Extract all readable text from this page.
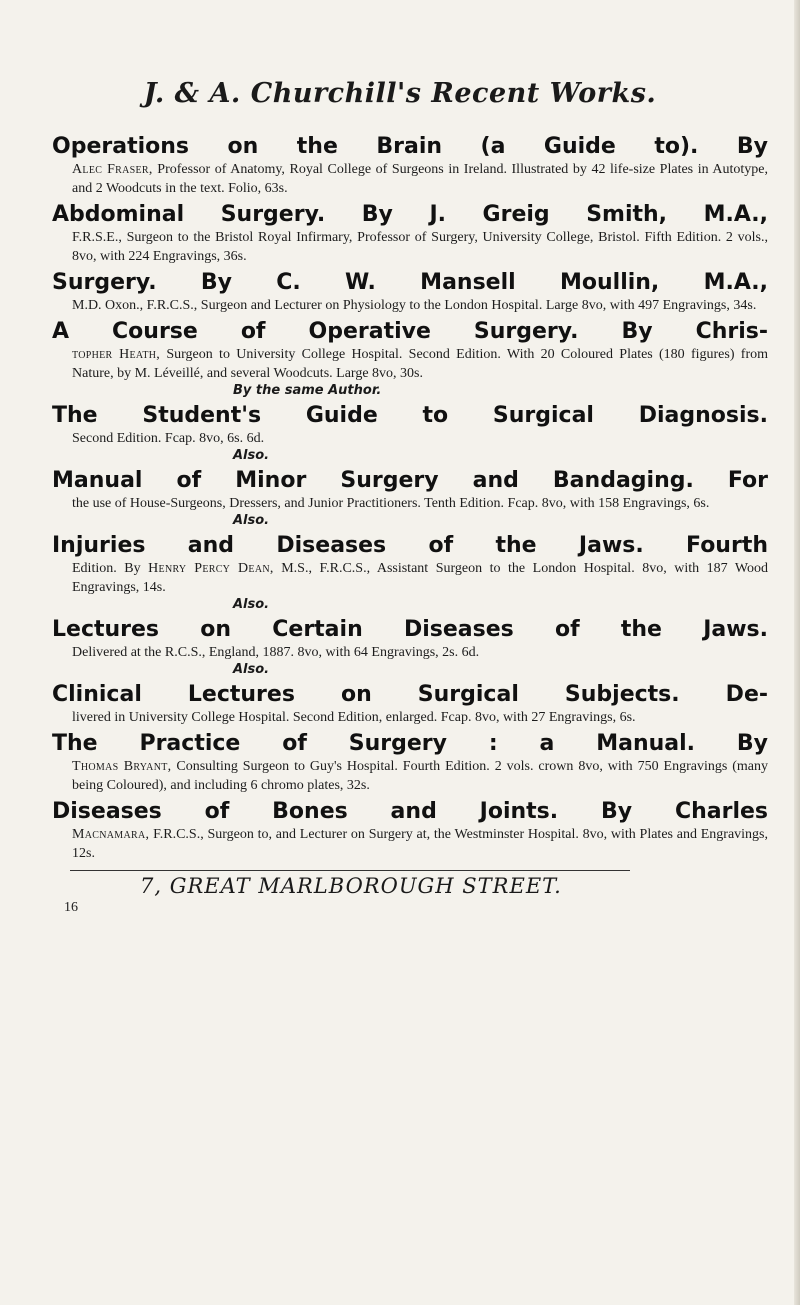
J. & A. Churchill's Recent Works.
Operations on the Brain (a Guide to). By
Alec Fraser, Professor of Anatomy, Royal College of Surgeons in Ireland. Illustrated by 42 life-size Plates in Autotype, and 2 Woodcuts in the text. Folio, 63s.
Abdominal Surgery. By J. Greig Smith, M.A.,
F.R.S.E., Surgeon to the Bristol Royal Infirmary, Professor of Surgery, University College, Bristol. Fifth Edition. 2 vols., 8vo, with 224 Engravings, 36s.
Surgery. By C. W. Mansell Moullin, M.A.,
M.D. Oxon., F.R.C.S., Surgeon and Lecturer on Physiology to the London Hospital. Large 8vo, with 497 Engravings, 34s.
A Course of Operative Surgery. By Chris-
topher Heath, Surgeon to University College Hospital. Second Edition. With 20 Coloured Plates (180 figures) from Nature, by M. Léveillé, and several Woodcuts. Large 8vo, 30s.
By the same Author.
The Student's Guide to Surgical Diagnosis.
Second Edition. Fcap. 8vo, 6s. 6d.
Also.
Manual of Minor Surgery and Bandaging. For
the use of House-Surgeons, Dressers, and Junior Practitioners. Tenth Edition. Fcap. 8vo, with 158 Engravings, 6s.
Also.
Injuries and Diseases of the Jaws. Fourth
Edition. By Henry Percy Dean, M.S., F.R.C.S., Assistant Surgeon to the London Hospital. 8vo, with 187 Wood Engravings, 14s.
Also.
Lectures on Certain Diseases of the Jaws.
Delivered at the R.C.S., England, 1887. 8vo, with 64 Engravings, 2s. 6d.
Also.
Clinical Lectures on Surgical Subjects. De-
livered in University College Hospital. Second Edition, enlarged. Fcap. 8vo, with 27 Engravings, 6s.
The Practice of Surgery : a Manual. By
Thomas Bryant, Consulting Surgeon to Guy's Hospital. Fourth Edition. 2 vols. crown 8vo, with 750 Engravings (many being Coloured), and including 6 chromo plates, 32s.
Diseases of Bones and Joints. By Charles
Macnamara, F.R.C.S., Surgeon to, and Lecturer on Surgery at, the Westminster Hospital. 8vo, with Plates and Engravings, 12s.
7, GREAT MARLBOROUGH STREET.
16
